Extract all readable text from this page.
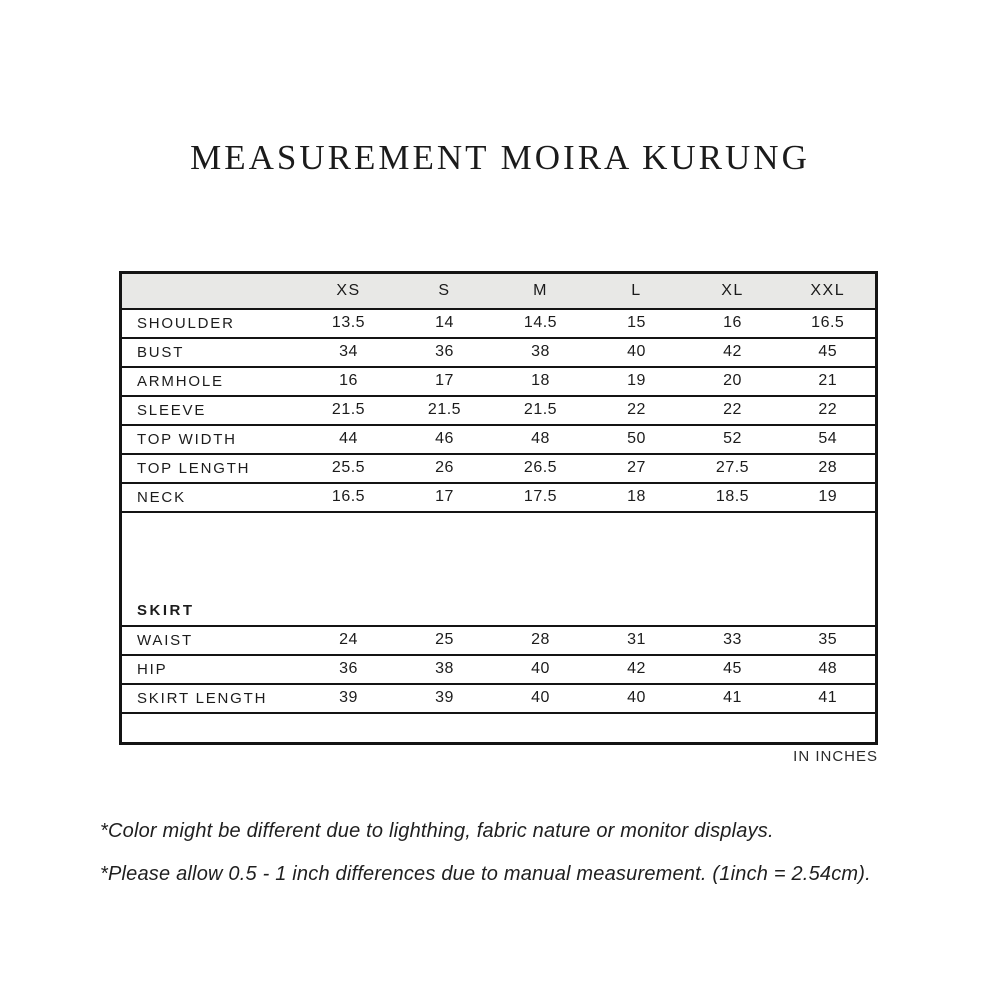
MEASUREMENT MOIRA KURUNG
	XS	S	M	L	XL	XXL
SHOULDER	13.5	14	14.5	15	16	16.5
BUST	34	36	38	40	42	45
ARMHOLE	16	17	18	19	20	21
SLEEVE	21.5	21.5	21.5	22	22	22
TOP WIDTH	44	46	48	50	52	54
TOP LENGTH	25.5	26	26.5	27	27.5	28
NECK	16.5	17	17.5	18	18.5	19
SKIRT						
WAIST	24	25	28	31	33	35
HIP	36	38	40	42	45	48
SKIRT LENGTH	39	39	40	40	41	41

IN INCHES
*Color might be different due to lighthing, fabric nature or monitor displays.
*Please allow 0.5 - 1 inch differences due to manual measurement. (1inch = 2.54cm).
